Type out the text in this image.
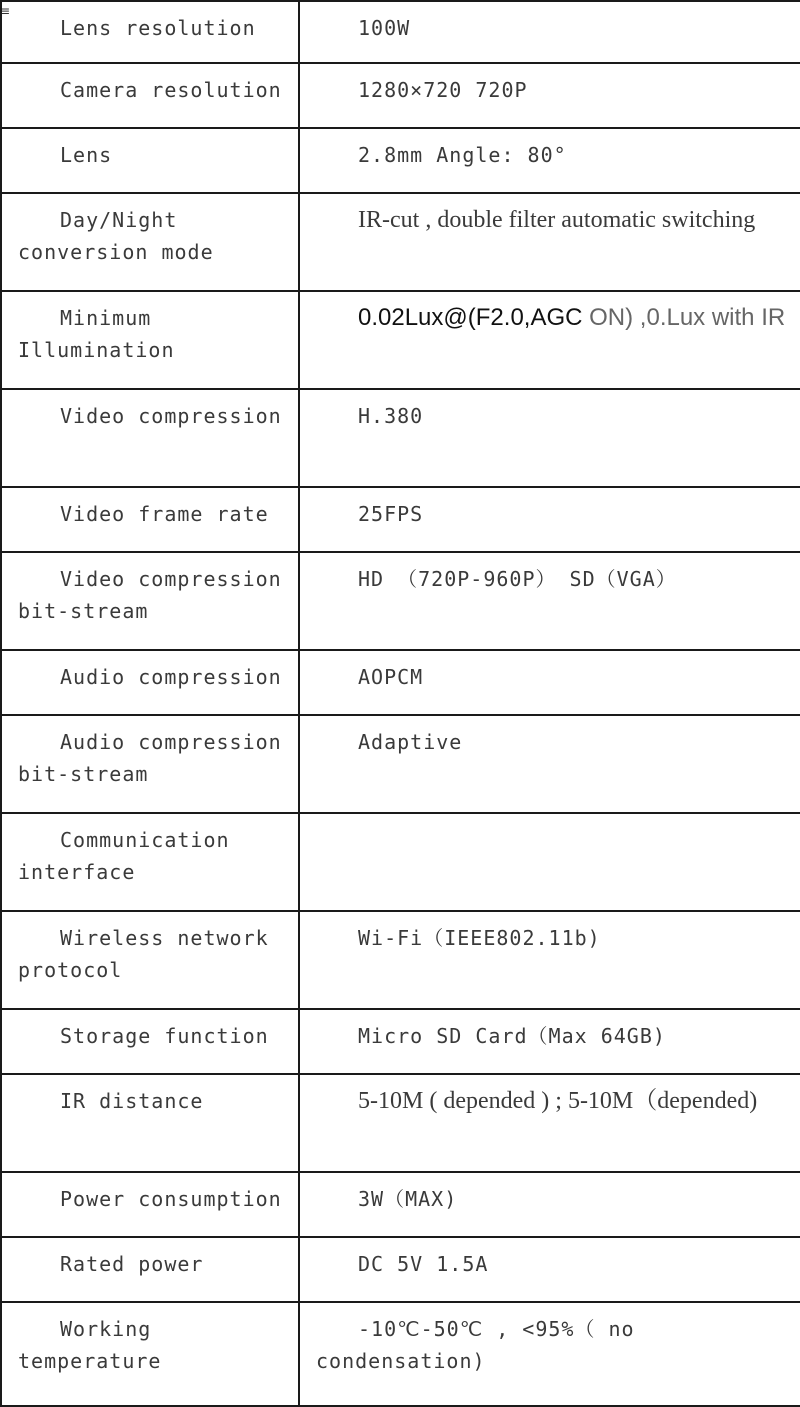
≡
Lens resolution	100W
Camera resolution	1280×720 720P
Lens	2.8mm Angle: 80°
Day/Night conversion mode	IR-cut , double filter automatic switching
Minimum Illumination	0.02Lux@(F2.0,AGC ON) ,0.Lux with IR
Video compression	H.380
Video frame rate	25FPS
Video compression bit-stream	HD （720P-960P） SD（VGA）
Audio compression	AOPCM
Audio compression bit-stream	Adaptive
Communication interface	
Wireless network protocol	Wi-Fi（IEEE802.11b)
Storage function	Micro SD Card（Max 64GB)
IR distance	5-10M ( depended ) ; 5-10M（depended)
Power consumption	3W（MAX)
Rated power	DC 5V 1.5A
Working temperature	-10℃-50℃ , <95%（ no condensation)
